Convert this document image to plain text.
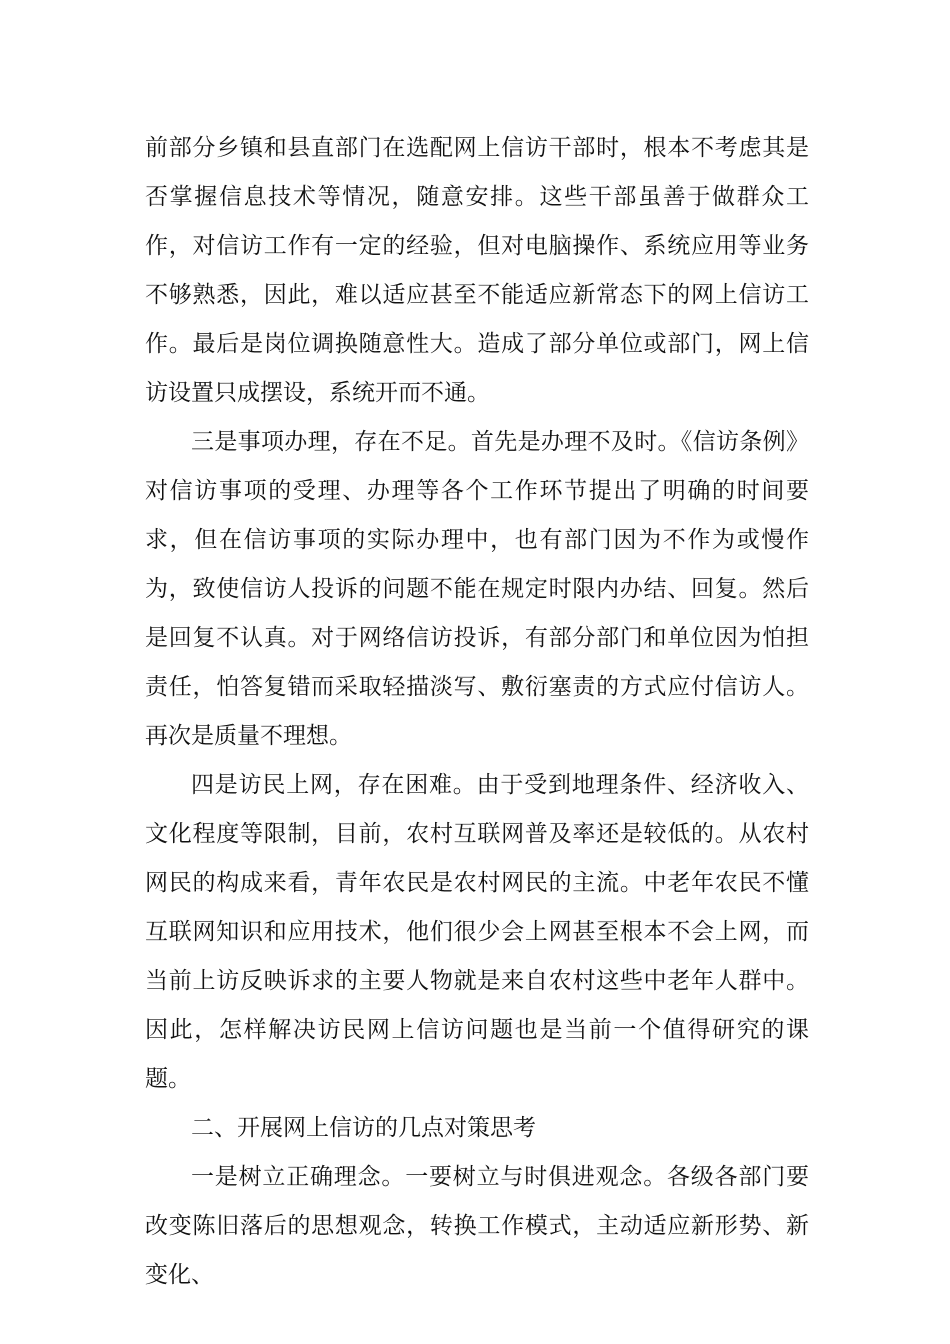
前部分乡镇和县直部门在选配网上信访干部时，根本不考虑其是否掌握信息技术等情况，随意安排。这些干部虽善于做群众工作，对信访工作有一定的经验，但对电脑操作、系统应用等业务不够熟悉，因此，难以适应甚至不能适应新常态下的网上信访工作。最后是岗位调换随意性大。造成了部分单位或部门，网上信访设置只成摆设，系统开而不通。

三是事项办理，存在不足。首先是办理不及时。《信访条例》对信访事项的受理、办理等各个工作环节提出了明确的时间要求，但在信访事项的实际办理中，也有部门因为不作为或慢作为，致使信访人投诉的问题不能在规定时限内办结、回复。然后是回复不认真。对于网络信访投诉，有部分部门和单位因为怕担责任，怕答复错而采取轻描淡写、敷衍塞责的方式应付信访人。再次是质量不理想。

四是访民上网，存在困难。由于受到地理条件、经济收入、文化程度等限制，目前，农村互联网普及率还是较低的。从农村网民的构成来看，青年农民是农村网民的主流。中老年农民不懂互联网知识和应用技术，他们很少会上网甚至根本不会上网，而当前上访反映诉求的主要人物就是来自农村这些中老年人群中。因此，怎样解决访民网上信访问题也是当前一个值得研究的课题。

二、开展网上信访的几点对策思考

一是树立正确理念。一要树立与时俱进观念。各级各部门要改变陈旧落后的思想观念，转换工作模式，主动适应新形势、新变化、
